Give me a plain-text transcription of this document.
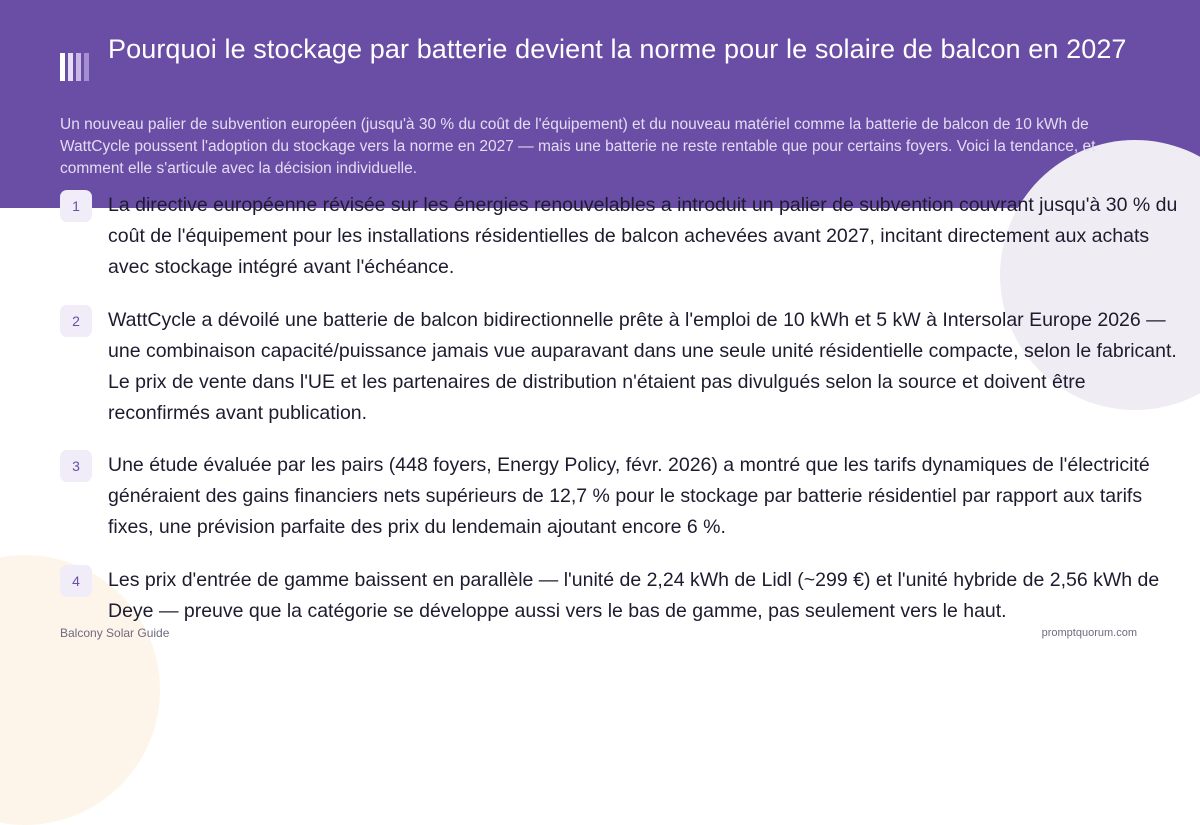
Pourquoi le stockage par batterie devient la norme pour le solaire de balcon en 2027

Un nouveau palier de subvention européen (jusqu'à 30 % du coût de l'équipement) et du nouveau matériel comme la batterie de balcon de 10 kWh de WattCycle poussent l'adoption du stockage vers la norme en 2027 — mais une batterie ne reste rentable que pour certains foyers. Voici la tendance, et comment elle s'articule avec la décision individuelle.

1	La directive européenne révisée sur les énergies renouvelables a introduit un palier de subvention couvrant jusqu'à 30 % du coût de l'équipement pour les installations résidentielles de balcon achevées avant 2027, incitant directement aux achats avec stockage intégré avant l'échéance.

2	WattCycle a dévoilé une batterie de balcon bidirectionnelle prête à l'emploi de 10 kWh et 5 kW à Intersolar Europe 2026 — une combinaison capacité/puissance jamais vue auparavant dans une seule unité résidentielle compacte, selon le fabricant. Le prix de vente dans l'UE et les partenaires de distribution n'étaient pas divulgués selon la source et doivent être reconfirmés avant publication.

3	Une étude évaluée par les pairs (448 foyers, Energy Policy, févr. 2026) a montré que les tarifs dynamiques de l'électricité généraient des gains financiers nets supérieurs de 12,7 % pour le stockage par batterie résidentiel par rapport aux tarifs fixes, une prévision parfaite des prix du lendemain ajoutant encore 6 %.

4	Les prix d'entrée de gamme baissent en parallèle — l'unité de 2,24 kWh de Lidl (~299 €) et l'unité hybride de 2,56 kWh de Deye — preuve que la catégorie se développe aussi vers le bas de gamme, pas seulement vers le haut.

Balcony Solar Guide	promptquorum.com
